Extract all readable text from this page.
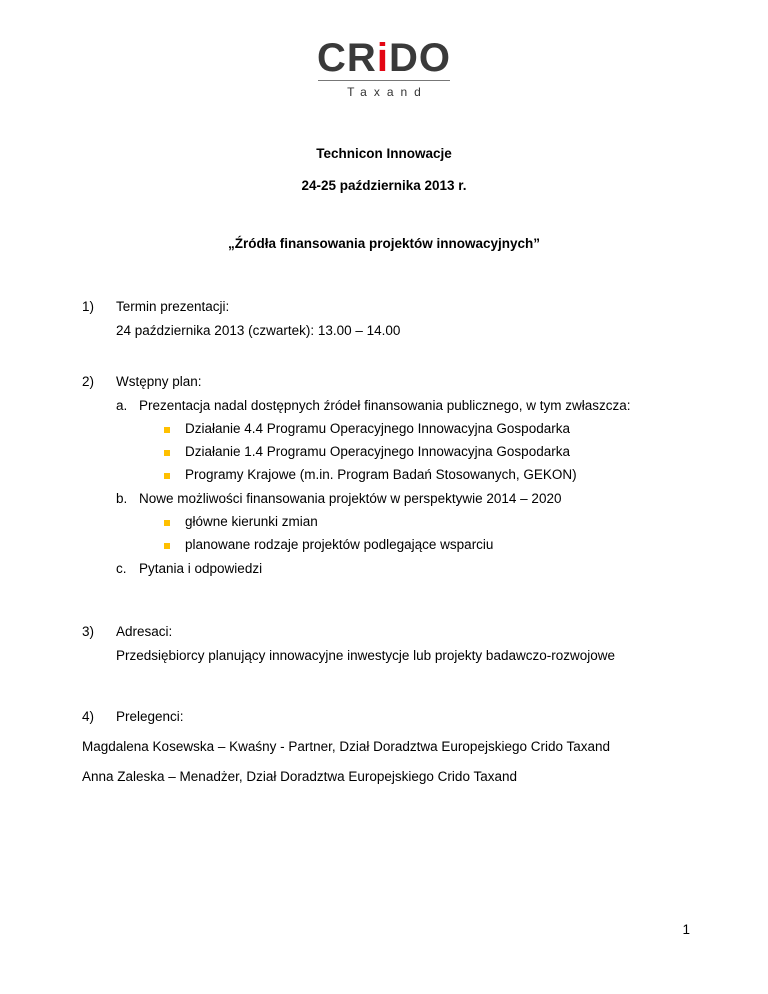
CRiDO
Taxand
Technicon Innowacje
24-25 października 2013 r.
„Źródła finansowania projektów innowacyjnych”
1) Termin prezentacji:
24 października 2013 (czwartek): 13.00 – 14.00
2) Wstępny plan:
a. Prezentacja nadal dostępnych źródeł finansowania publicznego, w tym zwłaszcza:
Działanie 4.4 Programu Operacyjnego Innowacyjna Gospodarka
Działanie 1.4 Programu Operacyjnego Innowacyjna Gospodarka
Programy Krajowe (m.in. Program Badań Stosowanych, GEKON)
b. Nowe możliwości finansowania projektów w perspektywie 2014 – 2020
główne kierunki zmian
planowane rodzaje projektów podlegające wsparciu
c. Pytania i odpowiedzi
3) Adresaci:
Przedsiębiorcy planujący innowacyjne inwestycje lub projekty badawczo-rozwojowe
4) Prelegenci:
Magdalena Kosewska – Kwaśny - Partner, Dział Doradztwa Europejskiego Crido Taxand
Anna Zaleska – Menadżer, Dział Doradztwa Europejskiego Crido Taxand
1
